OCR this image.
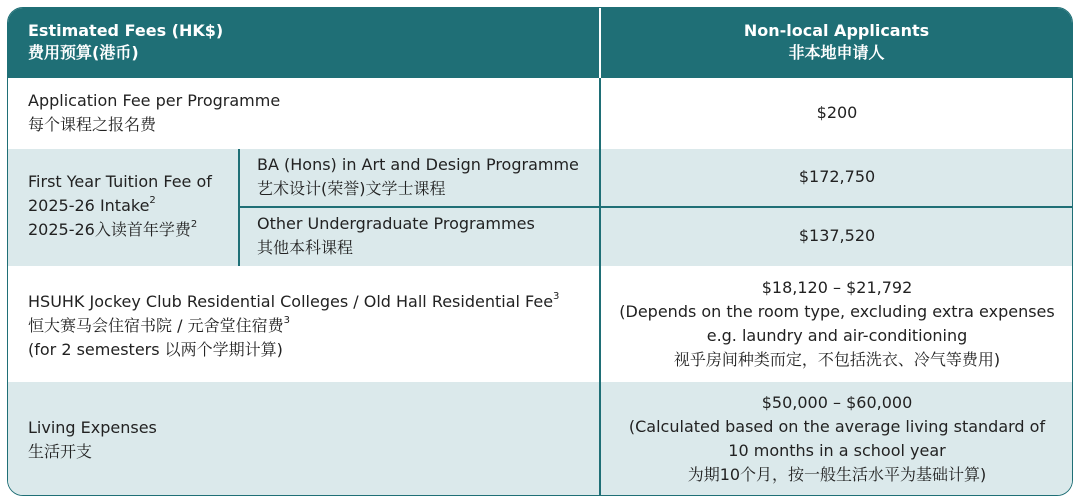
Estimated Fees (HK$)
费用预算(港币)
Non-local Applicants
非本地申请人
Application Fee per Programme
每个课程之报名费
$200
First Year Tuition Fee of
2025-26 Intake$^2$
2025-26入读首年学费$^2$
BA (Hons) in Art and Design Programme
艺术设计(荣誉)文学士课程
Other Undergraduate Programmes
其他本科课程
$172,750
$137,520
HSUHK Jockey Club Residential Colleges / Old Hall Residential Fee$^3$
恒大赛马会住宿书院 / 元舍堂住宿费$^3$
(for 2 semesters 以两个学期计算)
$18,120 – $21,792
(Depends on the room type, excluding extra expenses
e.g. laundry and air-conditioning
视乎房间种类而定，不包括洗衣、冷气等费用)
Living Expenses
生活开支
$50,000 – $60,000
(Calculated based on the average living standard of
10 months in a school year
为期10个月，按一般生活水平为基础计算)
